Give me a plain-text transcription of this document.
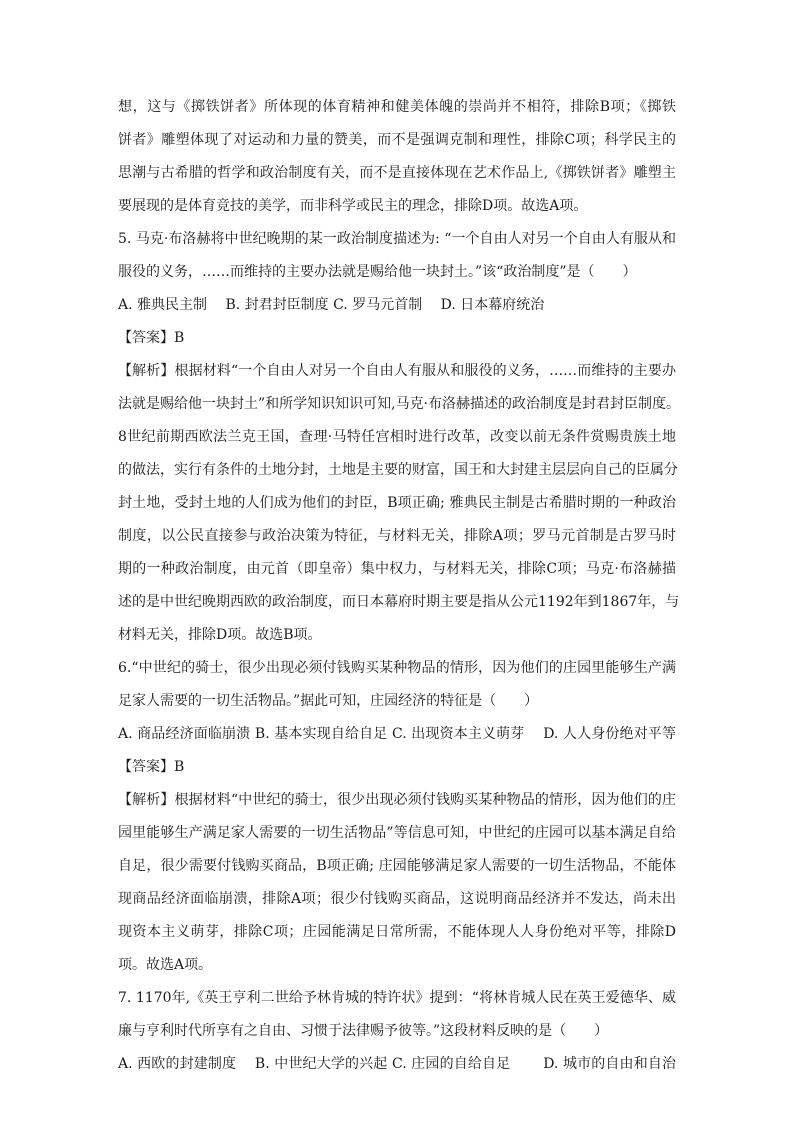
想，这与《掷铁饼者》所体现的体育精神和健美体魄的崇尚并不相符，排除B项；《掷铁
饼者》雕塑体现了对运动和力量的赞美，而不是强调克制和理性，排除C项；科学民主的
思潮与古希腊的哲学和政治制度有关，而不是直接体现在艺术作品上,《掷铁饼者》雕塑主
要展现的是体育竞技的美学，而非科学或民主的理念，排除D项。故选A项。
5. 马克·布洛赫将中世纪晚期的某一政治制度描述为: “一个自由人对另一个自由人有服从和
服役的义务，……而维持的主要办法就是赐给他一块封土。”该“政治制度”是（　　）
A. 雅典民主制　 B. 封君封臣制度 C. 罗马元首制　 D. 日本幕府统治
【答案】B
【解析】根据材料“一个自由人对另一个自由人有服从和服役的义务，……而维持的主要办
法就是赐给他一块封土”和所学知识知识可知,马克·布洛赫描述的政治制度是封君封臣制度。
8世纪前期西欧法兰克王国，查理·马特任宫相时进行改革，改变以前无条件赏赐贵族土地
的做法，实行有条件的土地分封，土地是主要的财富，国王和大封建主层层向自己的臣属分
封土地，受封土地的人们成为他们的封臣，B项正确; 雅典民主制是古希腊时期的一种政治
制度，以公民直接参与政治决策为特征，与材料无关，排除A项；罗马元首制是古罗马时
期的一种政治制度，由元首（即皇帝）集中权力，与材料无关，排除C项；马克·布洛赫描
述的是中世纪晚期西欧的政治制度，而日本幕府时期主要是指从公元1192年到1867年，与
材料无关，排除D项。故选B项。
6.“中世纪的骑士，很少出现必须付钱购买某种物品的情形，因为他们的庄园里能够生产满
足家人需要的一切生活物品。”据此可知，庄园经济的特征是（　　）
A. 商品经济面临崩溃 B. 基本实现自给自足 C. 出现资本主义萌芽　 D. 人人身份绝对平等
【答案】B
【解析】根据材料“中世纪的骑士，很少出现必须付钱购买某种物品的情形，因为他们的庄
园里能够生产满足家人需要的一切生活物品”等信息可知，中世纪的庄园可以基本满足自给
自足，很少需要付钱购买商品，B项正确; 庄园能够满足家人需要的一切生活物品，不能体
现商品经济面临崩溃，排除A项；很少付钱购买商品，这说明商品经济并不发达，尚未出
现资本主义萌芽，排除C项；庄园能满足日常所需，不能体现人人身份绝对平等，排除D
项。故选A项。
7. 1170年,《英王亨利二世给予林肯城的特许状》提到：“将林肯城人民在英王爱德华、威
廉与亨利时代所享有之自由、习惯于法律赐予彼等。”这段材料反映的是（　　）
A. 西欧的封建制度　 B. 中世纪大学的兴起 C. 庄园的自给自足　　 D. 城市的自由和自治
